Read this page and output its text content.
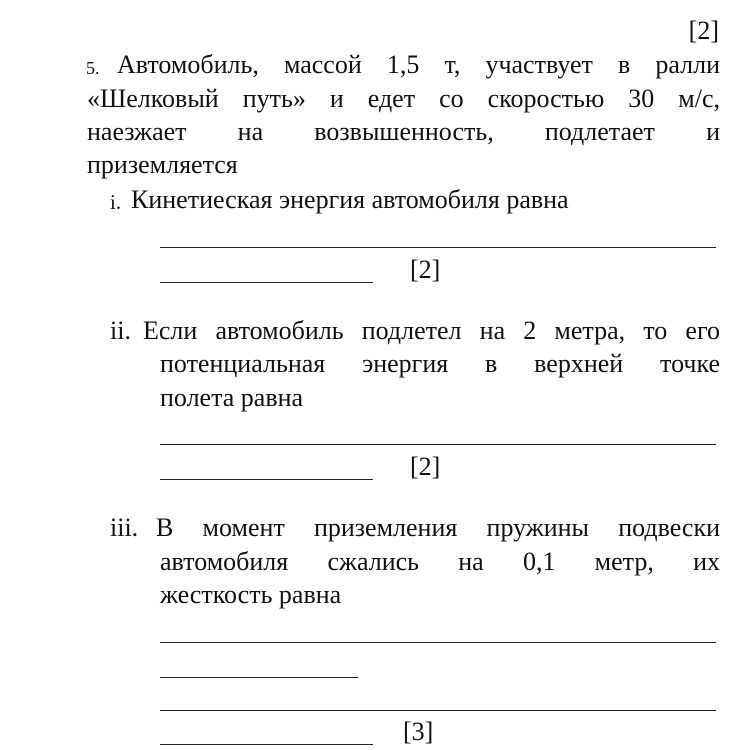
[2]
5. Автомобиль, массой 1,5 т, участвует в ралли
«Шелковый путь» и едет со скоростью 30 м/с,
наезжает на возвышенность, подлетает и
приземляется
i. Кинетиеская энергия автомобиля равна
[2]
ii. Если автомобиль подлетел на 2 метра, то его
потенциальная энергия в верхней точке
полета равна
[2]
iii. В момент приземления пружины подвески
автомобиля сжались на 0,1 метр, их
жесткость равна
[3]
